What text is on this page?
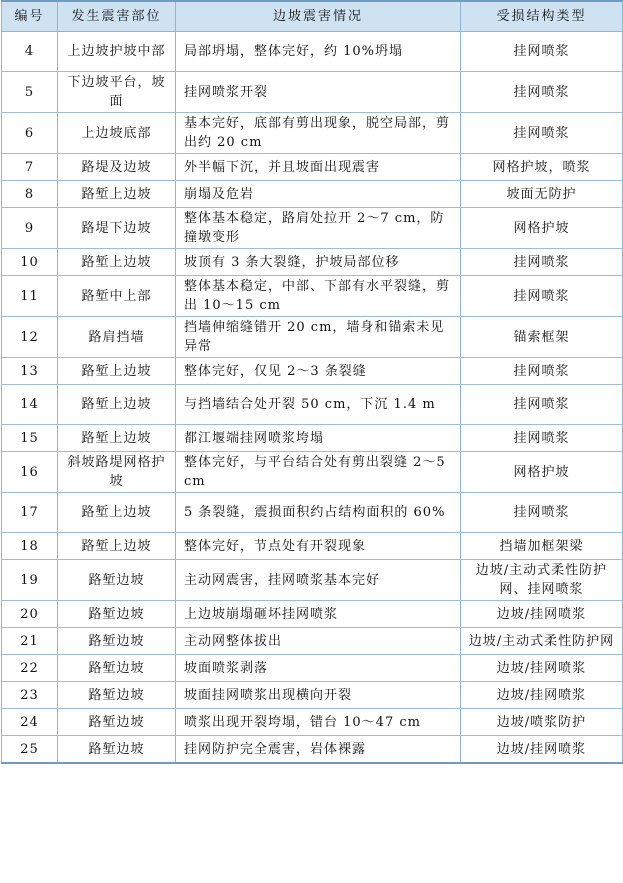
编号	发生震害部位	边坡震害情况	受损结构类型
4	上边坡护坡中部	局部坍塌，整体完好，约 10%坍塌	挂网喷浆
5	下边坡平台，坡面	挂网喷浆开裂	挂网喷浆
6	上边坡底部	基本完好，底部有剪出现象，脱空局部，剪出约 20 cm	挂网喷浆
7	路堤及边坡	外半幅下沉，并且坡面出现震害	网格护坡，喷浆
8	路堑上边坡	崩塌及危岩	坡面无防护
9	路堤下边坡	整体基本稳定，路肩处拉开 2～7 cm，防撞墩变形	网格护坡
10	路堑上边坡	坡顶有 3 条大裂缝，护坡局部位移	挂网喷浆
11	路堑中上部	整体基本稳定，中部、下部有水平裂缝，剪出 10～15 cm	挂网喷浆
12	路肩挡墙	挡墙伸缩缝错开 20 cm，墙身和锚索未见异常	锚索框架
13	路堑上边坡	整体完好，仅见 2～3 条裂缝	挂网喷浆
14	路堑上边坡	与挡墙结合处开裂 50 cm，下沉 1.4 m	挂网喷浆
15	路堑上边坡	都江堰端挂网喷浆垮塌	挂网喷浆
16	斜坡路堤网格护坡	整体完好，与平台结合处有剪出裂缝 2～5 cm	网格护坡
17	路堑上边坡	5 条裂缝，震损面积约占结构面积的 60%	挂网喷浆
18	路堑上边坡	整体完好，节点处有开裂现象	挡墙加框架梁
19	路堑边坡	主动网震害，挂网喷浆基本完好	边坡/主动式柔性防护网、挂网喷浆
20	路堑边坡	上边坡崩塌砸坏挂网喷浆	边坡/挂网喷浆
21	路堑边坡	主动网整体拔出	边坡/主动式柔性防护网
22	路堑边坡	坡面喷浆剥落	边坡/挂网喷浆
23	路堑边坡	坡面挂网喷浆出现横向开裂	边坡/挂网喷浆
24	路堑边坡	喷浆出现开裂垮塌，错台 10～47 cm	边坡/喷浆防护
25	路堑边坡	挂网防护完全震害，岩体裸露	边坡/挂网喷浆
